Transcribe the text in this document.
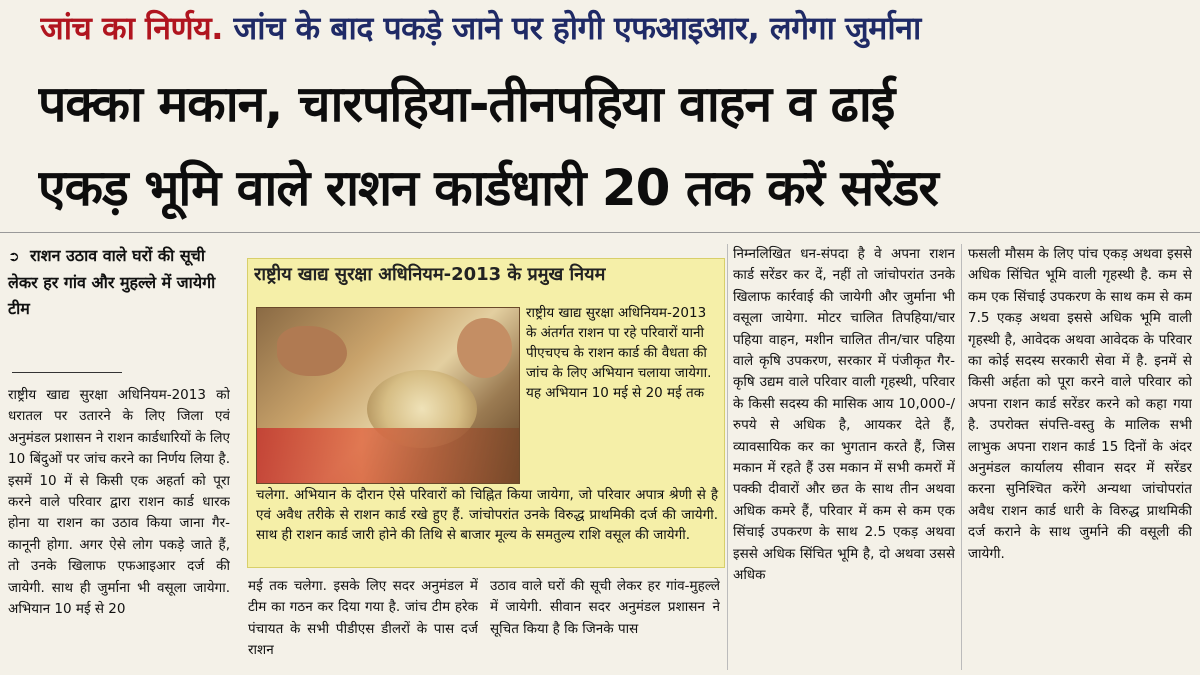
जांच का निर्णय. जांच के बाद पकड़े जाने पर होगी एफआइआर, लगेगा जुर्माना
पक्का मकान, चारपहिया-तीनपहिया वाहन व ढाई
एकड़ भूमि वाले राशन कार्डधारी 20 तक करें सरेंडर
➲ राशन उठाव वाले घरों की सूची लेकर हर गांव और मुहल्ले में जायेगी टीम
राष्ट्रीय खाद्य सुरक्षा अधिनियम-2013 को धरातल पर उतारने के लिए जिला एवं अनुमंडल प्रशासन ने राशन कार्डधारियों के लिए 10 बिंदुओं पर जांच करने का निर्णय लिया है. इसमें 10 में से किसी एक अहर्ता को पूरा करने वाले परिवार द्वारा राशन कार्ड धारक होना या राशन का उठाव किया जाना गैर-कानूनी होगा. अगर ऐसे लोग पकड़े जाते हैं, तो उनके खिलाफ एफआइआर दर्ज की जायेगी. साथ ही जुर्माना भी वसूला जायेगा. अभियान 10 मई से 20
राष्ट्रीय खाद्य सुरक्षा अधिनियम-2013 के प्रमुख नियम
राष्ट्रीय खाद्य सुरक्षा अधिनियम-2013 के अंतर्गत राशन पा रहे परिवारों यानी पीएचएच के राशन कार्ड की वैधता की जांच के लिए अभियान चलाया जायेगा. यह अभियान 10 मई से 20 मई तक
चलेगा. अभियान के दौरान ऐसे परिवारों को चिह्नित किया जायेगा, जो परिवार अपात्र श्रेणी से है एवं अवैध तरीके से राशन कार्ड रखे हुए हैं. जांचोपरांत उनके विरुद्ध प्राथमिकी दर्ज की जायेगी. साथ ही राशन कार्ड जारी होने की तिथि से बाजार मूल्य के समतुल्य राशि वसूल की जायेगी.
मई तक चलेगा. इसके लिए सदर अनुमंडल में टीम का गठन कर दिया गया है. जांच टीम हरेक पंचायत के सभी पीडीएस डीलरों के पास दर्ज राशन
उठाव वाले घरों की सूची लेकर हर गांव-मुहल्ले में जायेगी. सीवान सदर अनुमंडल प्रशासन ने सूचित किया है कि जिनके पास
निम्नलिखित धन-संपदा है वे अपना राशन कार्ड सरेंडर कर दें, नहीं तो जांचोपरांत उनके खिलाफ कार्रवाई की जायेगी और जुर्माना भी वसूला जायेगा. मोटर चालित तिपहिया/चार पहिया वाहन, मशीन चालित तीन/चार पहिया वाले कृषि उपकरण, सरकार में पंजीकृत गैर-कृषि उद्यम वाले परिवार वाली गृहस्थी, परिवार के किसी सदस्य की मासिक आय 10,000-/ रुपये से अधिक है, आयकर देते हैं, व्यावसायिक कर का भुगतान करते हैं, जिस मकान में रहते हैं उस मकान में सभी कमरों में पक्की दीवारों और छत के साथ तीन अथवा अधिक कमरे हैं, परिवार में कम से कम एक सिंचाई उपकरण के साथ 2.5 एकड़ अथवा इससे अधिक सिंचित भूमि है, दो अथवा उससे अधिक
फसली मौसम के लिए पांच एकड़ अथवा इससे अधिक सिंचित भूमि वाली गृहस्थी है. कम से कम एक सिंचाई उपकरण के साथ कम से कम 7.5 एकड़ अथवा इससे अधिक भूमि वाली गृहस्थी है, आवेदक अथवा आवेदक के परिवार का कोई सदस्य सरकारी सेवा में है. इनमें से किसी अर्हता को पूरा करने वाले परिवार को अपना राशन कार्ड सरेंडर करने को कहा गया है. उपरोक्त संपत्ति-वस्तु के मालिक सभी लाभुक अपना राशन कार्ड 15 दिनों के अंदर अनुमंडल कार्यालय सीवान सदर में सरेंडर करना सुनिश्चित करेंगे अन्यथा जांचोपरांत अवैध राशन कार्ड धारी के विरुद्ध प्राथमिकी दर्ज कराने के साथ जुर्माने की वसूली की जायेगी.
